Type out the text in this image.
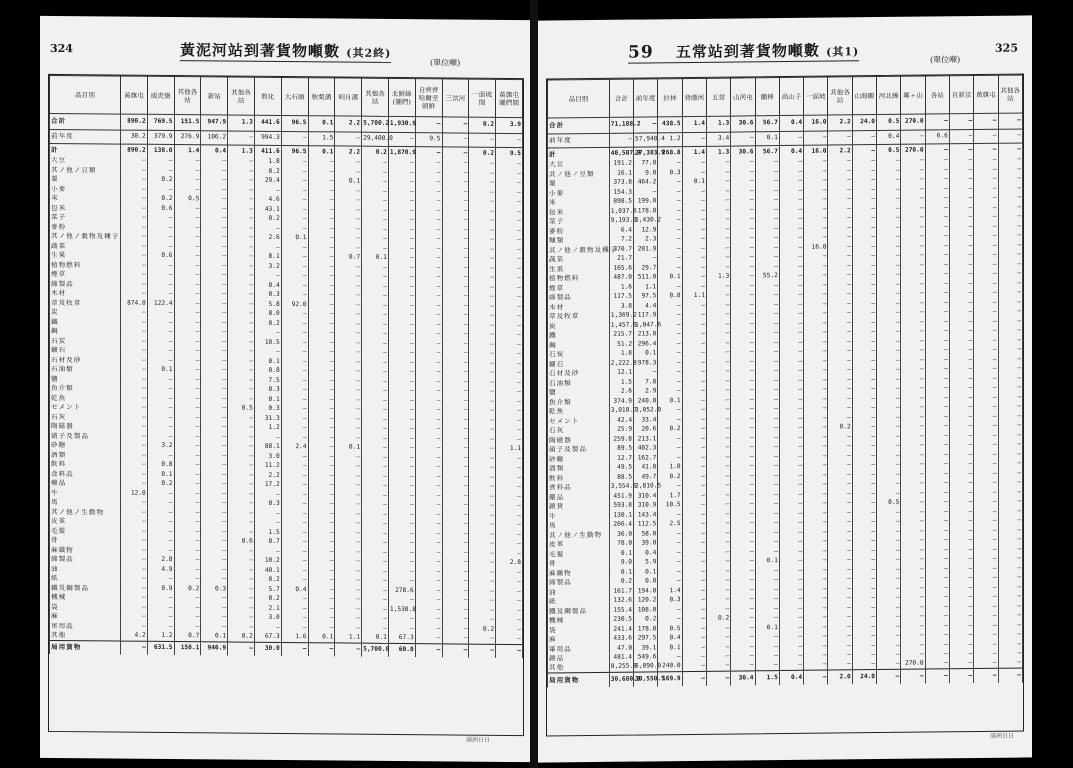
324	黃泥河站到著貨物噸數 (其2終)
(單位噸)
品目別	黃旗屯	威虎嶺	其他各站	新站	其他各站	敦化	大石頭	秋梨溝	明月溝	其他各站	北鮮線(圖們)	自齊齊哈爾至朝鮮	三岔河	一面坡間	黃旗屯圖們間
合計	890.2	769.5	151.5	947.9	1.3	441.6	96.5	0.1	2.2	5,700.2	1,930.9	—	—	0.2	3.9
前年度	30.2	379.9	276.9	106.2	—	994.3	—	1.5	—	29,400.0	—	9.5	—	—	—
計	890.2	138.0	1.4	0.4	1.3	411.6	96.5	0.1	2.2	0.2	1,870.9	—	—	0.2	9.5
大豆	—	—	—	—	—	1.8	—	—	—	—	—	—	—	—	—
其ノ他ノ豆類	—	—	—	—	—	0.2	—	—	—	—	—	—	—	—	—
粟	—	0.2	—	—	—	29.4	—	—	0.1	—	—	—	—	—	—
小麥	—	—	—	—	—	—	—	—	—	—	—	—	—	—	—
米	—	0.2	0.5	—	—	4.6	—	—	—	—	—	—	—	—	—
包米	—	0.6	—	—	—	43.1	—	—	—	—	—	—	—	—	—
菜子	—	—	—	—	—	0.2	—	—	—	—	—	—	—	—	—
麥粉	—	—	—	—	—	—	—	—	—	—	—	—	—	—	—
其ノ他ノ穀物及種子	—	—	—	—	—	2.6	0.1	—	—	—	—	—	—	—	—
蔬菜	—	—	—	—	—	—	—	—	—	—	—	—	—	—	—
生果	—	0.6	—	—	—	8.1	—	—	0.7	0.1	—	—	—	—	—
植物燃料	—	—	—	—	—	3.2	—	—	—	—	—	—	—	—	—
煙草	—	—	—	—	—	—	—	—	—	—	—	—	—	—	—
綿製品	—	—	—	—	—	0.4	—	—	—	—	—	—	—	—	—
木材	—	—	—	—	—	0.3	—	—	—	—	—	—	—	—	—
草及牧草	874.0	122.4	—	—	—	5.8	92.0	—	—	—	—	—	—	—	—
炭	—	—	—	—	—	8.0	—	—	—	—	—	—	—	—	—
鐵	—	—	—	—	—	0.2	—	—	—	—	—	—	—	—	—
鋼	—	—	—	—	—	—	—	—	—	—	—	—	—	—	—
石炭	—	—	—	—	—	10.5	—	—	—	—	—	—	—	—	—
鑛石	—	—	—	—	—	—	—	—	—	—	—	—	—	—	—
石材及砂	—	—	—	—	—	0.1	—	—	—	—	—	—	—	—	—
石油類	—	0.1	—	—	—	0.8	—	—	—	—	—	—	—	—	—
鹽	—	—	—	—	—	7.5	—	—	—	—	—	—	—	—	—
魚介類	—	—	—	—	—	0.3	—	—	—	—	—	—	—	—	—
乾魚	—	—	—	—	—	0.1	—	—	—	—	—	—	—	—	—
セメント	—	—	—	—	0.5	0.3	—	—	—	—	—	—	—	—	—
石灰	—	—	—	—	—	31.3	—	—	—	—	—	—	—	—	—
陶磁器	—	—	—	—	—	1.2	—	—	—	—	—	—	—	—	—
硝子及製品	—	—	—	—	—	—	—	—	—	—	—	—	—	—	—
砂糖	—	3.2	—	—	—	88.1	2.4	—	0.1	—	—	—	—	—	1.1
酒類	—	—	—	—	—	3.0	—	—	—	—	—	—	—	—	—
飲料	—	0.8	—	—	—	11.2	—	—	—	—	—	—	—	—	—
食料品	—	0.1	—	—	—	2.2	—	—	—	—	—	—	—	—	—
藥品	—	0.2	—	—	—	17.2	—	—	—	—	—	—	—	—	—
牛	12.0	—	—	—	—	—	—	—	—	—	—	—	—	—	—
馬	—	—	—	—	—	0.3	—	—	—	—	—	—	—	—	—
其ノ他ノ生動物	—	—	—	—	—	—	—	—	—	—	—	—	—	—	—
皮革	—	—	—	—	—	—	—	—	—	—	—	—	—	—	—
毛髮	—	—	—	—	—	1.5	—	—	—	—	—	—	—	—	—
骨	—	—	—	—	0.6	0.7	—	—	—	—	—	—	—	—	—
麻織物	—	—	—	—	—	—	—	—	—	—	—	—	—	—	—
綿製品	—	2.8	—	—	—	10.2	—	—	—	—	—	—	—	—	2.8
油	—	4.9	—	—	—	40.1	—	—	—	—	—	—	—	—	—
紙	—	—	—	—	—	0.2	—	—	—	—	—	—	—	—	—
鐵及鋼製品	—	0.9	0.2	0.3	—	5.7	0.4	—	—	—	278.6	—	—	—	—
機械	—	—	—	—	—	0.2	—	—	—	—	—	—	—	—	—
袋	—	—	—	—	—	2.1	—	—	—	—	1,530.8	—	—	—	—
麻	—	—	—	—	—	3.0	—	—	—	—	—	—	—	—	—
軍用品	—	—	—	—	—	—	—	—	—	—	—	—	—	0.2	—
其他	4.2	1.2	0.7	0.1	0.2	67.3	1.6	0.1	1.1	0.1	67.3	—	—	—	—
局用貨物	—	631.5	150.1	946.9	—	30.0	—	—	—	5,700.0	60.0	—	—	—	—
満洲日日
325
59 五常站到著貨物噸數 (其1)
(單位噸)
品目別	合計	前年度	拉林	背蔭河	五常	山河屯	蘭棒	高山子	一面坡	其他各站	山海關	河北線	鄰ヶ山	各站	自新京	黃旗屯	其他各站
合計	71,188.2	—	438.5	1.4	1.3	30.6	56.7	0.4	16.0	2.2	24.0	0.5	270.0	—	—	—	—
前年度	—	57,940.4	1.2	—	3.4	—	0.1	—	—	—	—	0.4	—	6.6	—	—	—
計	40,507.9	27,383.9	268.8	1.4	1.3	30.6	56.7	0.4	16.0	2.2	—	0.5	270.0	—	—	—	—
大豆	191.2	77.0	—	—	—	—	—	—	—	—	—	—	—	—	—	—	—
其ノ他ノ豆類	16.1	9.0	0.3	—	—	—	—	—	—	—	—	—	—	—	—	—	—
粟	373.8	464.2	—	0.1	—	—	—	—	—	—	—	—	—	—	—	—	—
小麥	154.3	—	—	—	—	—	—	—	—	—	—	—	—	—	—	—	—
米	898.5	199.0	—	—	—	—	—	—	—	—	—	—	—	—	—	—	—
包米	1,037.6	178.0	—	—	—	—	—	—	—	—	—	—	—	—	—	—	—
菜子	9,193.0	1,430.2	—	—	—	—	—	—	—	—	—	—	—	—	—	—	—
麥粉	6.4	12.9	—	—	—	—	—	—	—	—	—	—	—	—	—	—	—
麵類	7.2	2.3	—	—	—	—	—	—	—	—	—	—	—	—	—	—	—
其ノ他ノ穀物及種子	370.7	201.9	—	—	—	—	—	—	16.0	—	—	—	—	—	—	—	—
蔬菜	21.7	—	—	—	—	—	—	—	—	—	—	—	—	—	—	—	—
生果	165.6	29.7	—	—	—	—	—	—	—	—	—	—	—	—	—	—	—
植物燃料	487.0	511.0	0.1	—	1.3	—	55.2	—	—	—	—	—	—	—	—	—	—
煙草	1.6	1.1	—	—	—	—	—	—	—	—	—	—	—	—	—	—	—
綿製品	117.5	97.5	0.8	1.1	—	—	—	—	—	—	—	—	—	—	—	—	—
木材	3.8	4.4	—	—	—	—	—	—	—	—	—	—	—	—	—	—	—
草及牧草	1,369.2	117.9	—	—	—	—	—	—	—	—	—	—	—	—	—	—	—
炭	1,457.6	1,047.6	—	—	—	—	—	—	—	—	—	—	—	—	—	—	—
鐵	215.7	213.0	—	—	—	—	—	—	—	—	—	—	—	—	—	—	—
鋼	51.2	296.4	—	—	—	—	—	—	—	—	—	—	—	—	—	—	—
石炭	1.8	0.1	—	—	—	—	—	—	—	—	—	—	—	—	—	—	—
鑛石	2,222.8	978.3	—	—	—	—	—	—	—	—	—	—	—	—	—	—	—
石材及砂	12.1	—	—	—	—	—	—	—	—	—	—	—	—	—	—	—	—
石油類	1.5	7.8	—	—	—	—	—	—	—	—	—	—	—	—	—	—	—
鹽	2.6	2.9	—	—	—	—	—	—	—	—	—	—	—	—	—	—	—
魚介類	374.9	240.0	0.1	—	—	—	—	—	—	—	—	—	—	—	—	—	—
乾魚	3,010.7	3,052.0	—	—	—	—	—	—	—	—	—	—	—	—	—	—	—
セメント	42.4	33.4	—	—	—	—	—	—	—	—	—	—	—	—	—	—	—
石灰	25.9	20.6	0.2	—	—	—	—	—	—	0.2	—	—	—	—	—	—	—
陶磁器	259.8	213.1	—	—	—	—	—	—	—	—	—	—	—	—	—	—	—
硝子及製品	89.5	402.3	—	—	—	—	—	—	—	—	—	—	—	—	—	—	—
砂糖	12.7	162.7	—	—	—	—	—	—	—	—	—	—	—	—	—	—	—
酒類	49.5	41.8	1.0	—	—	—	—	—	—	—	—	—	—	—	—	—	—
飲料	88.5	49.7	0.2	—	—	—	—	—	—	—	—	—	—	—	—	—	—
食料品	3,554.6	2,810.5	—	—	—	—	—	—	—	—	—	—	—	—	—	—	—
藥品	451.9	310.4	1.7	—	—	—	—	—	—	—	—	—	—	—	—	—	—
雜貨	593.8	310.9	10.5	—	—	—	—	—	—	—	—	0.5	—	—	—	—	—
牛	130.1	143.4	—	—	—	—	—	—	—	—	—	—	—	—	—	—	—
馬	266.4	112.5	2.5	—	—	—	—	—	—	—	—	—	—	—	—	—	—
其ノ他ノ生動物	36.0	58.0	—	—	—	—	—	—	—	—	—	—	—	—	—	—	—
皮革	78.0	39.0	—	—	—	—	—	—	—	—	—	—	—	—	—	—	—
毛髮	0.1	0.4	—	—	—	—	—	—	—	—	—	—	—	—	—	—	—
骨	9.0	5.9	—	—	—	—	0.1	—	—	—	—	—	—	—	—	—	—
麻織物	0.1	0.1	—	—	—	—	—	—	—	—	—	—	—	—	—	—	—
綿製品	0.2	0.8	—	—	—	—	—	—	—	—	—	—	—	—	—	—	—
油	161.7	194.0	1.4	—	—	—	—	—	—	—	—	—	—	—	—	—	—
紙	132.6	120.2	0.3	—	—	—	—	—	—	—	—	—	—	—	—	—	—
鐵及鋼製品	155.4	108.0	—	—	—	—	—	—	—	—	—	—	—	—	—	—	—
機械	230.5	0.2	—	—	0.2	—	—	—	—	—	—	—	—	—	—	—	—
袋	241.4	178.0	0.5	—	—	—	0.1	—	—	—	—	—	—	—	—	—	—
麻	433.6	297.5	0.4	—	—	—	—	—	—	—	—	—	—	—	—	—	—
軍用品	47.0	39.1	0.1	—	—	—	—	—	—	—	—	—	—	—	—	—	—
雜品	481.4	549.6	—	—	—	—	—	—	—	—	—	—	—	—	—	—	—
其他	8,255.0	6,890.0	240.0	—	—	—	—	—	—	—	—	—	270.0	—	—	—	—
局用貨物	30,680.8	30,550.5	169.9	—	—	30.4	1.5	0.4	—	2.0	24.0	—	—	—	—	—	—
満洲日日
